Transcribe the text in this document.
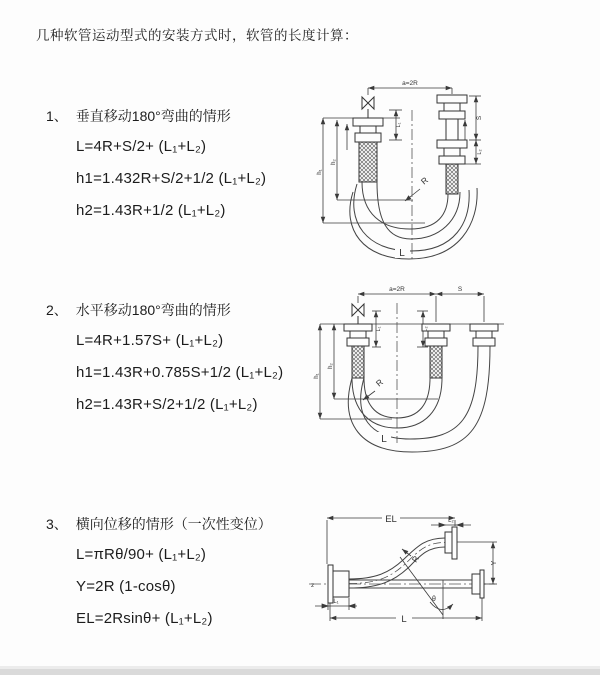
几种软管运动型式的安装方式时，软管的长度计算：
1、 垂直移动180°弯曲的情形
L=4R+S/2+ (L₁+L₂)
h1=1.432R+S/2+1/2 (L₁+L₂)
h2=1.43R+1/2 (L₁+L₂)
a=2R
L₁
S
L₂
h₁
h₂
R
L
2、 水平移动180°弯曲的情形
L=4R+1.57S+ (L₁+L₂)
h1=1.43R+0.785S+1/2 (L₁+L₂)
h2=1.43R+S/2+1/2 (L₁+L₂)
a=2R	S
L₁	L₂
h₁
h₂
R
L
3、 横向位移的情形（一次性变位）
L=πRθ/90+ (L₁+L₂)
Y=2R (1-cosθ)
EL=2Rsinθ+ (L₁+L₂)
EL	L₂
Y
R
θ
L
L₁
z
